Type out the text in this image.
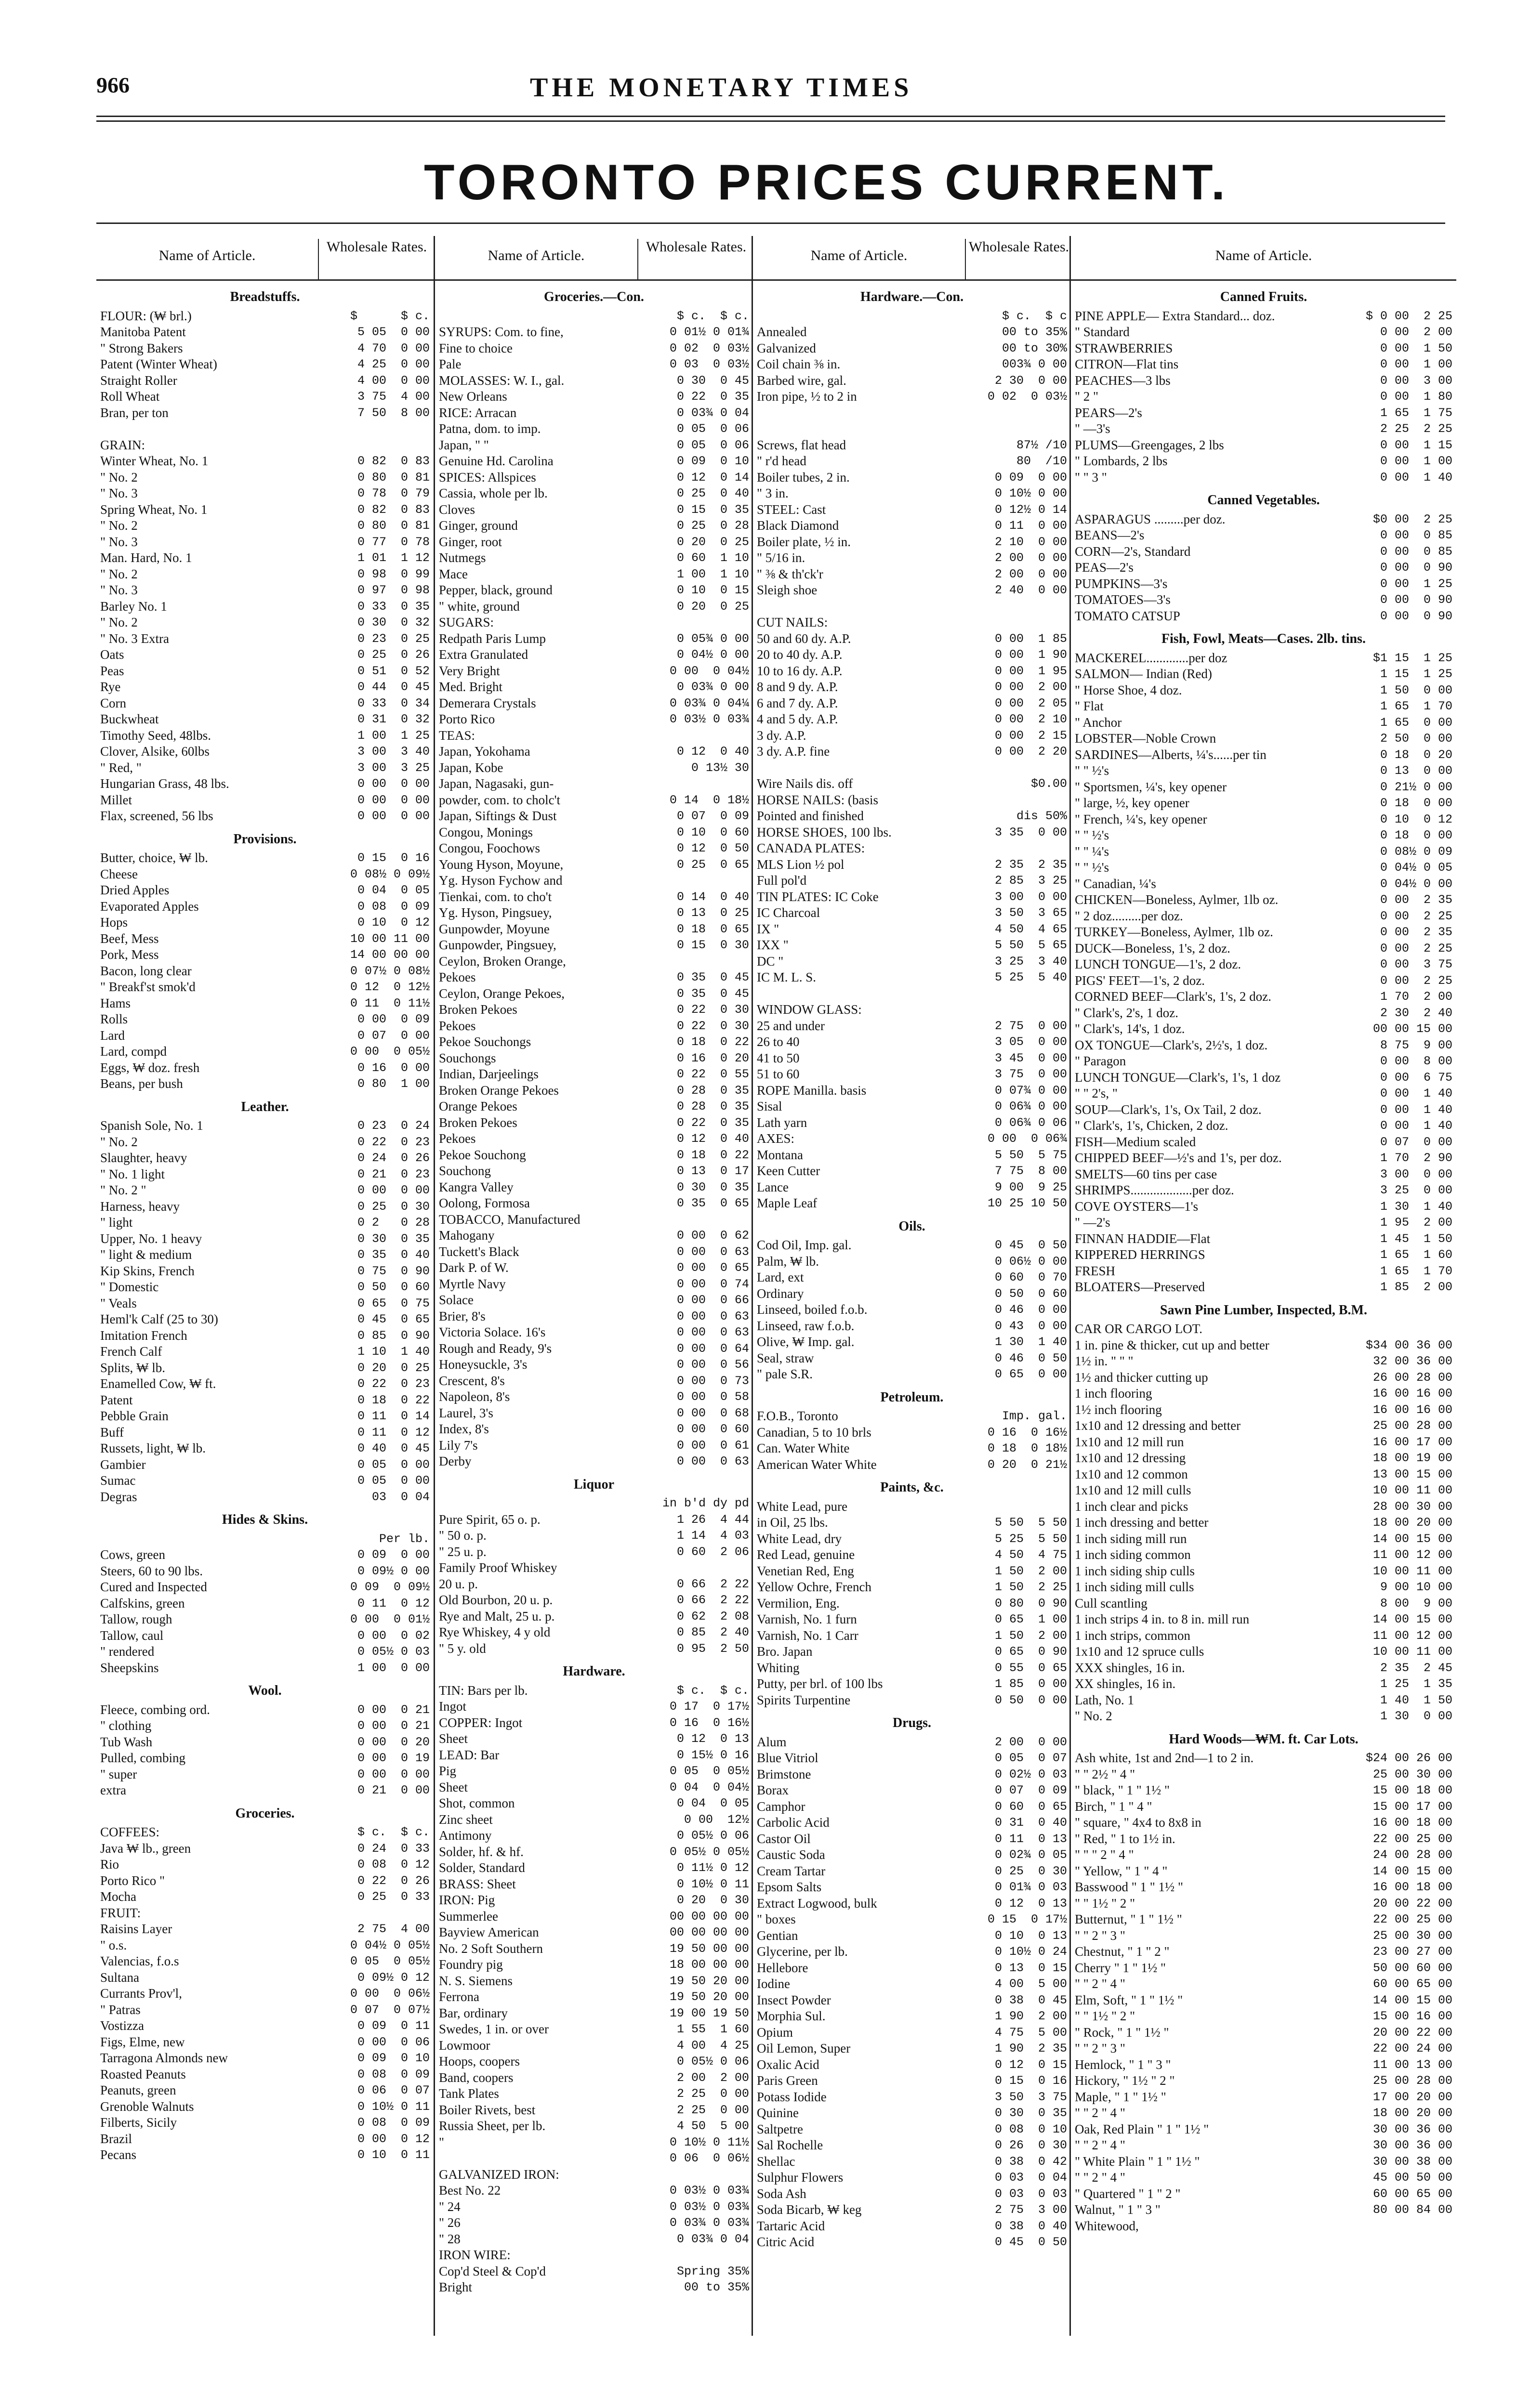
966	THE MONETARY TIMES
TORONTO PRICES CURRENT.
Name of Article.
Wholesale Rates.
Breadstuffs.
FLOUR: (₩ brl.)	$      $ c.
Manitoba Patent	5 05  0 00
" Strong Bakers	4 70  0 00
Patent (Winter Wheat)	4 25  0 00
Straight Roller	4 00  0 00
Roll Wheat	3 75  4 00
Bran, per ton	7 50  8 00
GRAIN:
Winter Wheat, No. 1	0 82  0 83
" No. 2	0 80  0 81
" No. 3	0 78  0 79
Spring Wheat, No. 1	0 82  0 83
" No. 2	0 80  0 81
" No. 3	0 77  0 78
Man. Hard, No. 1	1 01  1 12
" No. 2	0 98  0 99
" No. 3	0 97  0 98
Barley No. 1	0 33  0 35
" No. 2	0 30  0 32
" No. 3 Extra	0 23  0 25
Oats	0 25  0 26
Peas	0 51  0 52
Rye	0 44  0 45
Corn	0 33  0 34
Buckwheat	0 31  0 32
Timothy Seed, 48lbs.	1 00  1 25
Clover, Alsike, 60lbs	3 00  3 40
" Red, "	3 00  3 25
Hungarian Grass, 48 lbs.	0 00  0 00
Millet	0 00  0 00
Flax, screened, 56 lbs	0 00  0 00
Provisions.
Butter, choice, ₩ lb.	0 15  0 16
Cheese	0 08½ 0 09½
Dried Apples	0 04  0 05
Evaporated Apples	0 08  0 09
Hops	0 10  0 12
Beef, Mess	10 00 11 00
Pork, Mess	14 00 00 00
Bacon, long clear	0 07½ 0 08½
" Breakf'st smok'd	0 12  0 12½
Hams	0 11  0 11½
Rolls	0 00  0 09
Lard	0 07  0 00
Lard, compd	0 00  0 05½
Eggs, ₩ doz. fresh	0 16  0 00
Beans, per bush	0 80  1 00
Leather.
Spanish Sole, No. 1	0 23  0 24
" No. 2	0 22  0 23
Slaughter, heavy	0 24  0 26
" No. 1 light	0 21  0 23
" No. 2 "	0 00  0 00
Harness, heavy	0 25  0 30
" light	0 2   0 28
Upper, No. 1 heavy	0 30  0 35
" light & medium	0 35  0 40
Kip Skins, French	0 75  0 90
" Domestic	0 50  0 60
" Veals	0 65  0 75
Heml'k Calf (25 to 30)	0 45  0 65
Imitation French	0 85  0 90
French Calf	1 10  1 40
Splits, ₩ lb.	0 20  0 25
Enamelled Cow, ₩ ft.	0 22  0 23
Patent	0 18  0 22
Pebble Grain	0 11  0 14
Buff	0 11  0 12
Russets, light, ₩ lb.	0 40  0 45
Gambier	0 05  0 00
Sumac	0 05  0 00
Degras	03  0 04
Hides & Skins.
Per lb.
Cows, green	0 09  0 00
Steers, 60 to 90 lbs.	0 09½ 0 00
Cured and Inspected	0 09  0 09½
Calfskins, green	0 11  0 12
Tallow, rough	0 00  0 01½
Tallow, caul	0 00  0 02
" rendered	0 05½ 0 03
Sheepskins	1 00  0 00
Wool.
Fleece, combing ord.	0 00  0 21
" clothing	0 00  0 21
Tub Wash	0 00  0 20
Pulled, combing	0 00  0 19
" super	0 00  0 00
extra	0 21  0 00
Groceries.
COFFEES:	$ c.  $ c.
Java ₩ lb., green	0 24  0 33
Rio	0 08  0 12
Porto Rico "	0 22  0 26
Mocha	0 25  0 33
FRUIT:
Raisins Layer	2 75  4 00
" o.s.	0 04½ 0 05½
Valencias, f.o.s	0 05  0 05½
Sultana	0 09½ 0 12
Currants Prov'l,	0 00  0 06½
" Patras	0 07  0 07½
Vostizza	0 09  0 11
Figs, Elme, new	0 00  0 06
Tarragona Almonds new	0 09  0 10
Roasted Peanuts	0 08  0 09
Peanuts, green	0 06  0 07
Grenoble Walnuts	0 10½ 0 11
Filberts, Sicily	0 08  0 09
Brazil	0 00  0 12
Pecans	0 10  0 11
Name of Article.
Wholesale Rates.
Groceries.—Con.
$ c.  $ c.
SYRUPS: Com. to fine,	0 01½ 0 01¾
Fine to choice	0 02  0 03½
Pale	0 03  0 03½
MOLASSES: W. I., gal.	0 30  0 45
New Orleans	0 22  0 35
RICE: Arracan	0 03¾ 0 04
Patna, dom. to imp.	0 05  0 06
Japan, " "	0 05  0 06
Genuine Hd. Carolina	0 09  0 10
SPICES: Allspices	0 12  0 14
Cassia, whole per lb.	0 25  0 40
Cloves	0 15  0 35
Ginger, ground	0 25  0 28
Ginger, root	0 20  0 25
Nutmegs	0 60  1 10
Mace	1 00  1 10
Pepper, black, ground	0 10  0 15
" white, ground	0 20  0 25
SUGARS:
Redpath Paris Lump	0 05¾ 0 00
Extra Granulated	0 04½ 0 00
Very Bright	0 00  0 04½
Med. Bright	0 03¾ 0 00
Demerara Crystals	0 03¾ 0 04¼
Porto Rico	0 03½ 0 03¾
TEAS:
Japan, Yokohama	0 12  0 40
Japan, Kobe	0 13½ 30
Japan, Nagasaki, gun-
powder, com. to cholc't	0 14  0 18½
Japan, Siftings & Dust	0 07  0 09
Congou, Monings	0 10  0 60
Congou, Foochows	0 12  0 50
Young Hyson, Moyune,	0 25  0 65
Yg. Hyson Fychow and
Tienkai, com. to cho't	0 14  0 40
Yg. Hyson, Pingsuey,	0 13  0 25
Gunpowder, Moyune	0 18  0 65
Gunpowder, Pingsuey,	0 15  0 30
Ceylon, Broken Orange,
Pekoes	0 35  0 45
Ceylon, Orange Pekoes,	0 35  0 45
Broken Pekoes	0 22  0 30
Pekoes	0 22  0 30
Pekoe Souchongs	0 18  0 22
Souchongs	0 16  0 20
Indian, Darjeelings	0 22  0 55
Broken Orange Pekoes	0 28  0 35
Orange Pekoes	0 28  0 35
Broken Pekoes	0 22  0 35
Pekoes	0 12  0 40
Pekoe Souchong	0 18  0 22
Souchong	0 13  0 17
Kangra Valley	0 30  0 35
Oolong, Formosa	0 35  0 65
TOBACCO, Manufactured
Mahogany	0 00  0 62
Tuckett's Black	0 00  0 63
Dark P. of W.	0 00  0 65
Myrtle Navy	0 00  0 74
Solace	0 00  0 66
Brier, 8's	0 00  0 63
Victoria Solace. 16's	0 00  0 63
Rough and Ready, 9's	0 00  0 64
Honeysuckle, 3's	0 00  0 56
Crescent, 8's	0 00  0 73
Napoleon, 8's	0 00  0 58
Laurel, 3's	0 00  0 68
Index, 8's	0 00  0 60
Lily 7's	0 00  0 61
Derby	0 00  0 63
Liquor
in b'd dy pd
Pure Spirit, 65 o. p.	1 26  4 44
" 50 o. p.	1 14  4 03
" 25 u. p.	0 60  2 06
Family Proof Whiskey
20 u. p.	0 66  2 22
Old Bourbon, 20 u. p.	0 66  2 22
Rye and Malt, 25 u. p.	0 62  2 08
Rye Whiskey, 4 y old	0 85  2 40
" 5 y. old	0 95  2 50
Hardware.
TIN: Bars per lb.	$ c.  $ c.
Ingot	0 17  0 17½
COPPER: Ingot	0 16  0 16½
Sheet	0 12  0 13
LEAD: Bar	0 15½ 0 16
Pig	0 05  0 05½
Sheet	0 04  0 04½
Shot, common	0 04  0 05
Zinc sheet	0 00  12½
Antimony	0 05½ 0 06
Solder, hf. & hf.	0 05½ 0 05½
Solder, Standard	0 11½ 0 12
BRASS: Sheet	0 10½ 0 11
IRON: Pig	0 20  0 30
Summerlee	00 00 00 00
Bayview American	00 00 00 00
No. 2 Soft Southern	19 50 00 00
Foundry pig	18 00 00 00
N. S. Siemens	19 50 20 00
Ferrona	19 50 20 00
Bar, ordinary	19 00 19 50
Swedes, 1 in. or over	1 55  1 60
Lowmoor	4 00  4 25
Hoops, coopers	0 05½ 0 06
Band, coopers	2 00  2 00
Tank Plates	2 25  0 00
Boiler Rivets, best	2 25  0 00
Russia Sheet, per lb.	4 50  5 00
"	0 10½ 0 11½
0 06  0 06½
GALVANIZED IRON:
Best No. 22	0 03½ 0 03¾
" 24	0 03½ 0 03¾
" 26	0 03¾ 0 03¾
" 28	0 03¾ 0 04
IRON WIRE:
Cop'd Steel & Cop'd	Spring 35%
Bright	00 to 35%
Name of Article.
Wholesale Rates.
Hardware.—Con.
$ c.  $ c
Annealed	00 to 35%
Galvanized	00 to 30%
Coil chain ⅜ in.	003¾ 0 00
Barbed wire, gal.	2 30  0 00
Iron pipe, ½ to 2 in	0 02  0 03½
Screws, flat head	87½ /10
" r'd head	80  /10
Boiler tubes, 2 in.	0 09  0 00
" 3 in.	0 10½ 0 00
STEEL: Cast	0 12½ 0 14
Black Diamond	0 11  0 00
Boiler plate, ½ in.	2 10  0 00
" 5/16 in.	2 00  0 00
" ⅜ & th'ck'r	2 00  0 00
Sleigh shoe	2 40  0 00
CUT NAILS:
50 and 60 dy. A.P.	0 00  1 85
20 to 40 dy. A.P.	0 00  1 90
10 to 16 dy. A.P.	0 00  1 95
8 and 9 dy. A.P.	0 00  2 00
6 and 7 dy. A.P.	0 00  2 05
4 and 5 dy. A.P.	0 00  2 10
3 dy. A.P.	0 00  2 15
3 dy. A.P. fine	0 00  2 20
Wire Nails dis. off	$0.00
HORSE NAILS: (basis
Pointed and finished	dis 50%
HORSE SHOES, 100 lbs.	3 35  0 00
CANADA PLATES:
MLS Lion ½ pol	2 35  2 35
Full pol'd	2 85  3 25
TIN PLATES: IC Coke	3 00  0 00
IC Charcoal	3 50  3 65
IX "	4 50  4 65
IXX "	5 50  5 65
DC "	3 25  3 40
IC M. L. S.	5 25  5 40
WINDOW GLASS:
25 and under	2 75  0 00
26 to 40	3 05  0 00
41 to 50	3 45  0 00
51 to 60	3 75  0 00
ROPE Manilla. basis	0 07¾ 0 00
Sisal	0 06¾ 0 00
Lath yarn	0 06¾ 0 06
AXES:	0 00  0 06¾
Montana	5 50  5 75
Keen Cutter	7 75  8 00
Lance	9 00  9 25
Maple Leaf	10 25 10 50
Oils.
Cod Oil, Imp. gal.	0 45  0 50
Palm, ₩ lb.	0 06½ 0 00
Lard, ext	0 60  0 70
Ordinary	0 50  0 60
Linseed, boiled f.o.b.	0 46  0 00
Linseed, raw f.o.b.	0 43  0 00
Olive, ₩ Imp. gal.	1 30  1 40
Seal, straw	0 46  0 50
" pale S.R.	0 65  0 00
Petroleum.
F.O.B., Toronto	Imp. gal.
Canadian, 5 to 10 brls	0 16  0 16½
Can. Water White	0 18  0 18½
American Water White	0 20  0 21½
Paints, &c.
White Lead, pure
in Oil, 25 lbs.	5 50  5 50
White Lead, dry	5 25  5 50
Red Lead, genuine	4 50  4 75
Venetian Red, Eng	1 50  2 00
Yellow Ochre, French	1 50  2 25
Vermilion, Eng.	0 80  0 90
Varnish, No. 1 furn	0 65  1 00
Varnish, No. 1 Carr	1 50  2 00
Bro. Japan	0 65  0 90
Whiting	0 55  0 65
Putty, per brl. of 100 lbs	1 85  0 00
Spirits Turpentine	0 50  0 00
Drugs.
Alum	2 00  0 00
Blue Vitriol	0 05  0 07
Brimstone	0 02½ 0 03
Borax	0 07  0 09
Camphor	0 60  0 65
Carbolic Acid	0 31  0 40
Castor Oil	0 11  0 13
Caustic Soda	0 02¾ 0 05
Cream Tartar	0 25  0 30
Epsom Salts	0 01¾ 0 03
Extract Logwood, bulk	0 12  0 13
" boxes	0 15  0 17½
Gentian	0 10  0 13
Glycerine, per lb.	0 10½ 0 24
Hellebore	0 13  0 15
Iodine	4 00  5 00
Insect Powder	0 38  0 45
Morphia Sul.	1 90  2 00
Opium	4 75  5 00
Oil Lemon, Super	1 90  2 35
Oxalic Acid	0 12  0 15
Paris Green	0 15  0 16
Potass Iodide	3 50  3 75
Quinine	0 30  0 35
Saltpetre	0 08  0 10
Sal Rochelle	0 26  0 30
Shellac	0 38  0 42
Sulphur Flowers	0 03  0 04
Soda Ash	0 03  0 03
Soda Bicarb, ₩ keg	2 75  3 00
Tartaric Acid	0 38  0 40
Citric Acid	0 45  0 50
Name of Article.
Canned Fruits.
PINE APPLE— Extra Standard... doz.	$ 0 00  2 25
" Standard	0 00  2 00
STRAWBERRIES	0 00  1 50
CITRON—Flat tins	0 00  1 00
PEACHES—3 lbs	0 00  3 00
" 2 "	0 00  1 80
PEARS—2's	1 65  1 75
" —3's	2 25  2 25
PLUMS—Greengages, 2 lbs	0 00  1 15
" Lombards, 2 lbs	0 00  1 00
" " 3 "	0 00  1 40
Canned Vegetables.
ASPARAGUS .........per doz.	$0 00  2 25
BEANS—2's	0 00  0 85
CORN—2's, Standard	0 00  0 85
PEAS—2's	0 00  0 90
PUMPKINS—3's	0 00  1 25
TOMATOES—3's	0 00  0 90
TOMATO CATSUP	0 00  0 90
Fish, Fowl, Meats—Cases. 2lb. tins.
MACKEREL.............per doz	$1 15  1 25
SALMON— Indian (Red)	1 15  1 25
" Horse Shoe, 4 doz.	1 50  0 00
" Flat	1 65  1 70
" Anchor	1 65  0 00
LOBSTER—Noble Crown	2 50  0 00
SARDINES—Alberts, ¼'s......per tin	0 18  0 20
" " ½'s	0 13  0 00
" Sportsmen, ¼'s, key opener	0 21½ 0 00
" large, ½, key opener	0 18  0 00
" French, ¼'s, key opener	0 10  0 12
" " ½'s	0 18  0 00
" " ¼'s	0 08½ 0 09
" " ½'s	0 04½ 0 05
" Canadian, ¼'s	0 04½ 0 00
CHICKEN—Boneless, Aylmer, 1lb oz.	0 00  2 35
" 2 doz.........per doz.	0 00  2 25
TURKEY—Boneless, Aylmer, 1lb oz.	0 00  2 35
DUCK—Boneless, 1's, 2 doz.	0 00  2 25
LUNCH TONGUE—1's, 2 doz.	0 00  3 75
PIGS' FEET—1's, 2 doz.	0 00  2 25
CORNED BEEF—Clark's, 1's, 2 doz.	1 70  2 00
" Clark's, 2's, 1 doz.	2 30  2 40
" Clark's, 14's, 1 doz.	00 00 15 00
OX TONGUE—Clark's, 2½'s, 1 doz.	8 75  9 00
" Paragon	0 00  8 00
LUNCH TONGUE—Clark's, 1's, 1 doz	0 00  6 75
" " 2's, "	0 00  1 40
SOUP—Clark's, 1's, Ox Tail, 2 doz.	0 00  1 40
" Clark's, 1's, Chicken, 2 doz.	0 00  1 40
FISH—Medium scaled	0 07  0 00
CHIPPED BEEF—½'s and 1's, per doz.	1 70  2 90
SMELTS—60 tins per case	3 00  0 00
SHRIMPS...................per doz.	3 25  0 00
COVE OYSTERS—1's	1 30  1 40
" —2's	1 95  2 00
FINNAN HADDIE—Flat	1 45  1 50
KIPPERED HERRINGS	1 65  1 60
FRESH	1 65  1 70
BLOATERS—Preserved	1 85  2 00
Sawn Pine Lumber, Inspected, B.M.
CAR OR CARGO LOT.
1 in. pine & thicker, cut up and better	$34 00 36 00
1½ in. " " "	32 00 36 00
1½ and thicker cutting up	26 00 28 00
1 inch flooring	16 00 16 00
1½ inch flooring	16 00 16 00
1x10 and 12 dressing and better	25 00 28 00
1x10 and 12 mill run	16 00 17 00
1x10 and 12 dressing	18 00 19 00
1x10 and 12 common	13 00 15 00
1x10 and 12 mill culls	10 00 11 00
1 inch clear and picks	28 00 30 00
1 inch dressing and better	18 00 20 00
1 inch siding mill run	14 00 15 00
1 inch siding common	11 00 12 00
1 inch siding ship culls	10 00 11 00
1 inch siding mill culls	9 00 10 00
Cull scantling	8 00  9 00
1 inch strips 4 in. to 8 in. mill run	14 00 15 00
1 inch strips, common	11 00 12 00
1x10 and 12 spruce culls	10 00 11 00
XXX shingles, 16 in.	2 35  2 45
XX shingles, 16 in.	1 25  1 35
Lath, No. 1	1 40  1 50
" No. 2	1 30  0 00
Hard Woods—₩M. ft. Car Lots.
Ash white, 1st and 2nd—1 to 2 in.	$24 00 26 00
" " 2½ " 4 "	25 00 30 00
" black, " 1 " 1½ "	15 00 18 00
Birch, " 1 " 4 "	15 00 17 00
" square, " 4x4 to 8x8 in	16 00 18 00
" Red, " 1 to 1½ in.	22 00 25 00
" " " 2 " 4 "	24 00 28 00
" Yellow, " 1 " 4 "	14 00 15 00
Basswood " 1 " 1½ "	16 00 18 00
" " 1½ " 2 "	20 00 22 00
Butternut, " 1 " 1½ "	22 00 25 00
" " 2 " 3 "	25 00 30 00
Chestnut, " 1 " 2 "	23 00 27 00
Cherry " 1 " 1½ "	50 00 60 00
" " 2 " 4 "	60 00 65 00
Elm, Soft, " 1 " 1½ "	14 00 15 00
" " 1½ " 2 "	15 00 16 00
" Rock, " 1 " 1½ "	20 00 22 00
" " 2 " 3 "	22 00 24 00
Hemlock, " 1 " 3 "	11 00 13 00
Hickory, " 1½ " 2 "	25 00 28 00
Maple, " 1 " 1½ "	17 00 20 00
" " 2 " 4 "	18 00 20 00
Oak, Red Plain " 1 " 1½ "	30 00 36 00
" " 2 " 4 "	30 00 36 00
" White Plain " 1 " 1½ "	30 00 38 00
" " 2 " 4 "	45 00 50 00
" Quartered " 1 " 2 "	60 00 65 00
Walnut, " 1 " 3 "	80 00 84 00
Whitewood,
